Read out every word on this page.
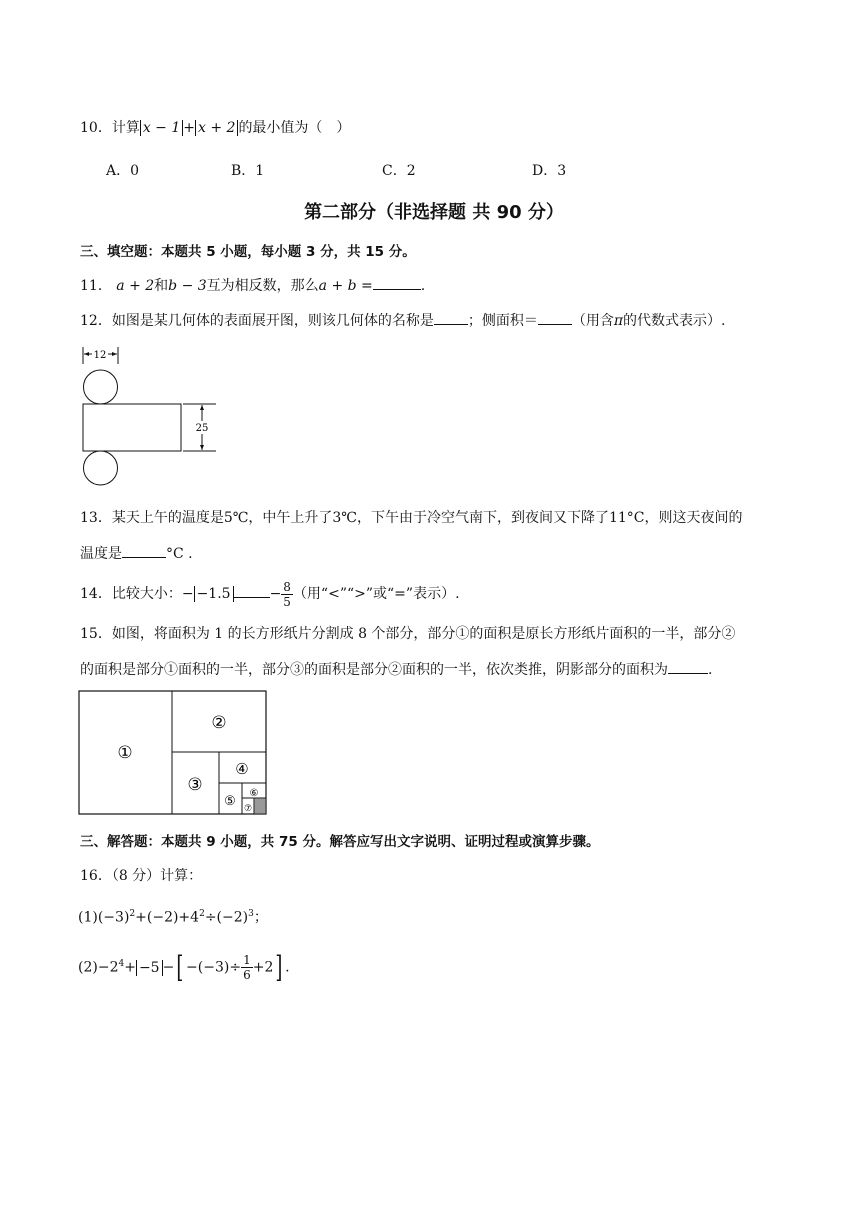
10．计算 x − 1 + x + 2 的最小值为（　）
A．0	B．1	C．2	D．3
第二部分（非选择题 共 90 分）
三、填空题：本题共 5 小题，每小题 3 分，共 15 分。
11． a + 2和b − 3互为相反数，那么a + b =	.
12．如图是某几何体的表面展开图，则该几何体的名称是 ；侧面积＝ （用含π的代数式表示）.
12
25
13．某天上午的温度是5℃，中午上升了3℃，下午由于冷空气南下，到夜间又下降了11°C，则这天夜间的
温度是	°C .
14．比较大小：− −1.5	− $\frac{8}{5}$ （用“<”“>”或“=”表示）.
15．如图，将面积为 1 的长方形纸片分割成 8 个部分，部分①的面积是原长方形纸片面积的一半，部分②
的面积是部分①面积的一半，部分③的面积是部分②面积的一半，依次类推，阴影部分的面积为	.
①
②
③
④
⑤
⑥
⑦
三、解答题：本题共 9 小题，共 75 分。解答应写出文字说明、证明过程或演算步骤。
16．（8 分）计算：
$(1)(-3)^2+(-2)+4^2\div(-2)^3$；
$(2)-2^4+ -5$ −[ $-(-3)\div \frac{1}{6} +2$] .
